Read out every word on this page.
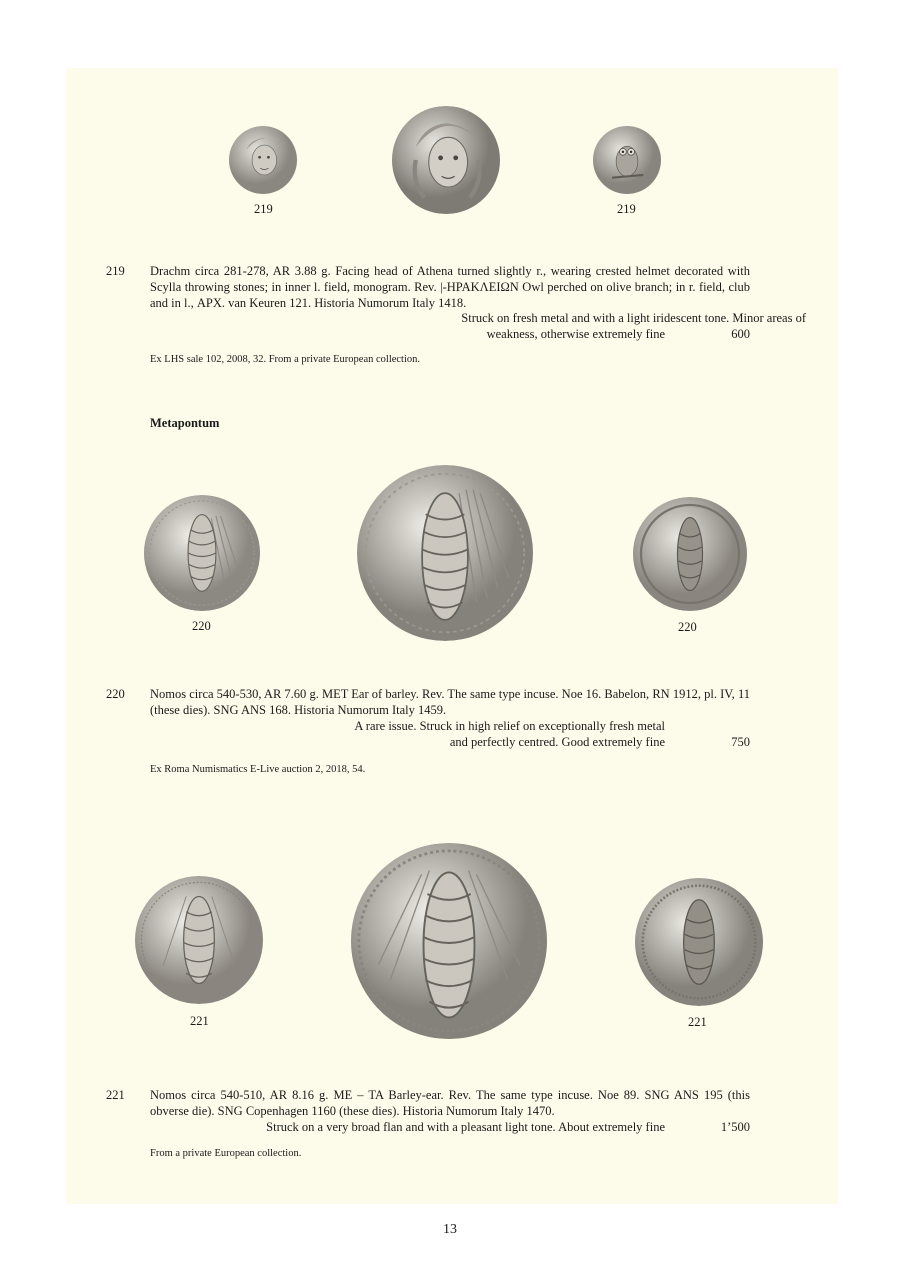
219	219
219 Drachm circa 281-278, AR 3.88 g. Facing head of Athena turned slightly r., wearing crested helmet decorated with Scylla throwing stones; in inner l. field, monogram. Rev. |-ΗΡΑΚΛΕΙΩΝ Owl perched on olive branch; in r. field, club and in l., ΑΡΧ. van Keuren 121. Historia Numorum Italy 1418.

Struck on fresh metal and with a light iridescent tone. Minor areas of
weakness, otherwise extremely fine	600
Ex LHS sale 102, 2008, 32. From a private European collection.
Metapontum
220	220
220 Nomos circa 540-530, AR 7.60 g. MET Ear of barley. Rev. The same type incuse. Noe 16. Babelon, RN 1912, pl. IV, 11 (these dies). SNG ANS 168. Historia Numorum Italy 1459.

A rare issue. Struck in high relief on exceptionally fresh metal
and perfectly centred. Good extremely fine	750
Ex Roma Numismatics E-Live auction 2, 2018, 54.
221	221
221 Nomos circa 540-510, AR 8.16 g. ME – TA Barley-ear. Rev. The same type incuse. Noe 89. SNG ANS 195 (this obverse die). SNG Copenhagen 1160 (these dies). Historia Numorum Italy 1470.

Struck on a very broad flan and with a pleasant light tone. About extremely fine	1’500
From a private European collection.
13
